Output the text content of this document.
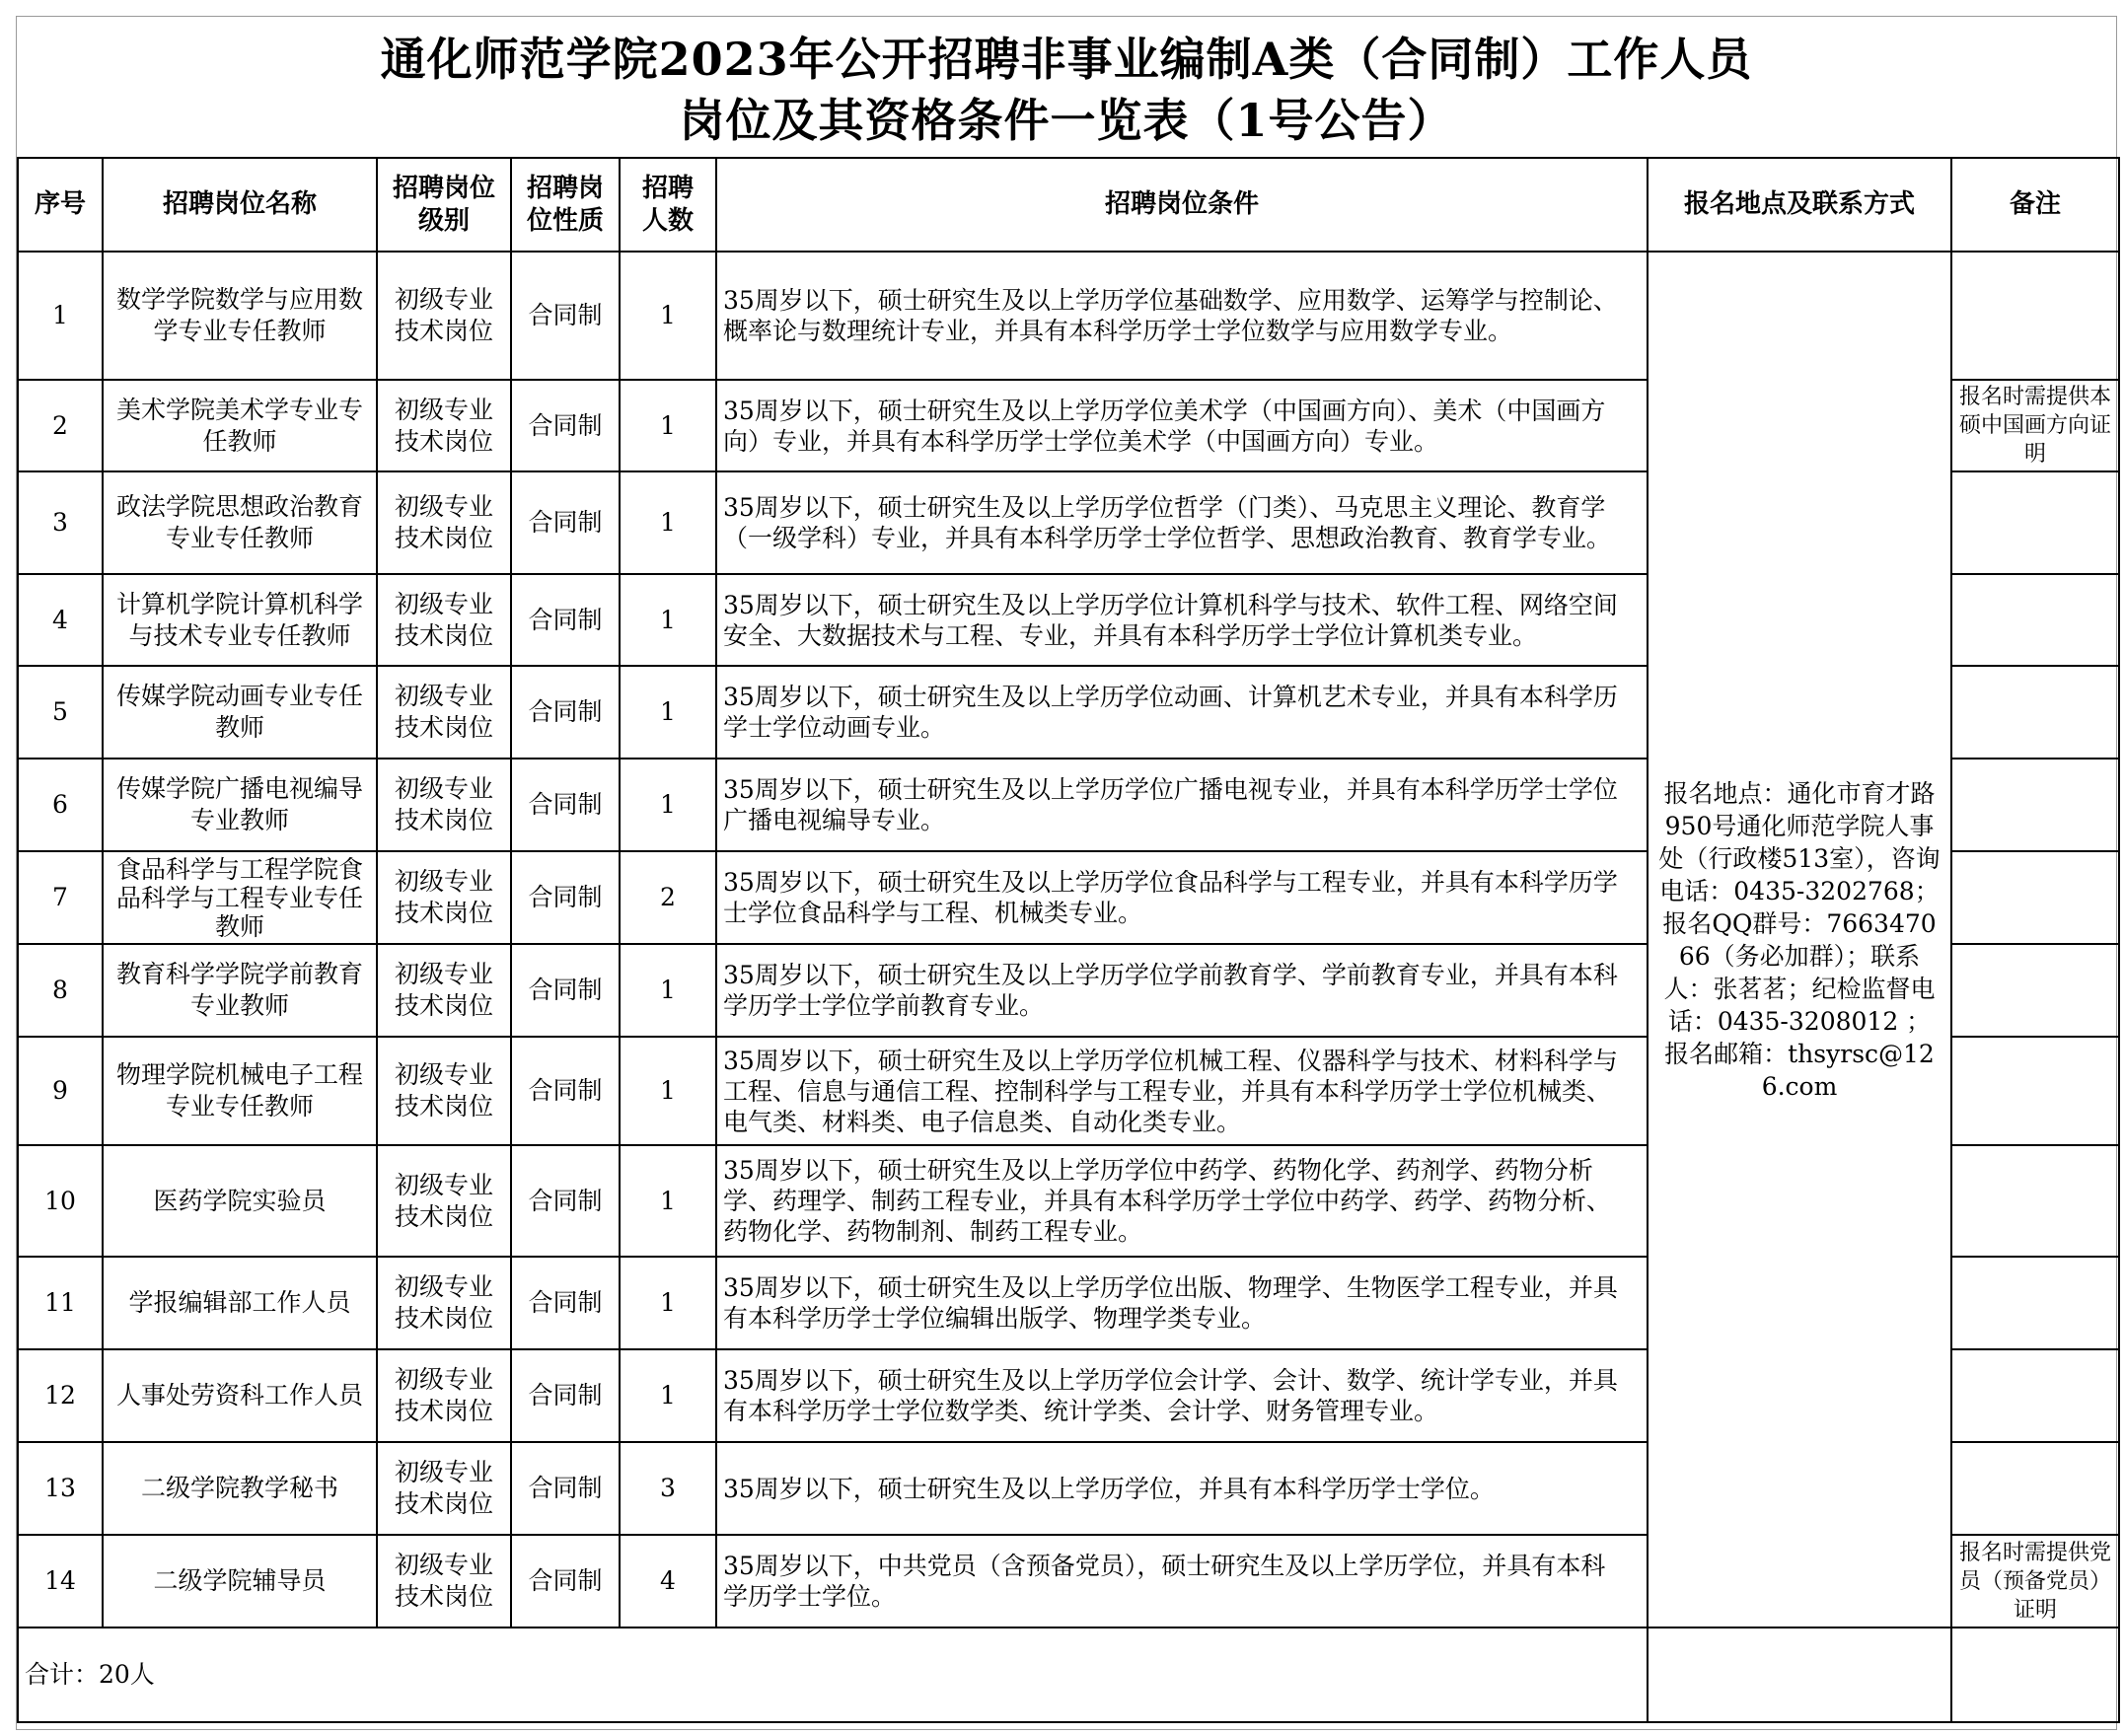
通化师范学院2023年公开招聘非事业编制A类（合同制）工作人员
岗位及其资格条件一览表（1号公告）
序号	招聘岗位名称	招聘岗位级别	招聘岗位性质	招聘人数	招聘岗位条件	报名地点及联系方式	备注
1	数学学院数学与应用数学专业专任教师	初级专业技术岗位	合同制	1	35周岁以下，硕士研究生及以上学历学位基础数学、应用数学、运筹学与控制论、概率论与数理统计专业，并具有本科学历学士学位数学与应用数学专业。	报名地点：通化市育才路950号通化师范学院人事处（行政楼513室），咨询电话：0435-3202768；报名QQ群号：766347066（务必加群）；联系人：张茗茗；纪检监督电话：0435-3208012 ；报名邮箱：thsyrsc@126.com	
2	美术学院美术学专业专任教师	初级专业技术岗位	合同制	1	35周岁以下，硕士研究生及以上学历学位美术学（中国画方向）、美术（中国画方向）专业，并具有本科学历学士学位美术学（中国画方向）专业。		报名时需提供本硕中国画方向证明
3	政法学院思想政治教育专业专任教师	初级专业技术岗位	合同制	1	35周岁以下，硕士研究生及以上学历学位哲学（门类）、马克思主义理论、教育学（一级学科）专业，并具有本科学历学士学位哲学、思想政治教育、教育学专业。		
4	计算机学院计算机科学与技术专业专任教师	初级专业技术岗位	合同制	1	35周岁以下，硕士研究生及以上学历学位计算机科学与技术、软件工程、网络空间安全、大数据技术与工程、专业，并具有本科学历学士学位计算机类专业。		
5	传媒学院动画专业专任教师	初级专业技术岗位	合同制	1	35周岁以下，硕士研究生及以上学历学位动画、计算机艺术专业，并具有本科学历学士学位动画专业。		
6	传媒学院广播电视编导专业教师	初级专业技术岗位	合同制	1	35周岁以下，硕士研究生及以上学历学位广播电视专业，并具有本科学历学士学位广播电视编导专业。		
7	食品科学与工程学院食品科学与工程专业专任教师	初级专业技术岗位	合同制	2	35周岁以下，硕士研究生及以上学历学位食品科学与工程专业，并具有本科学历学士学位食品科学与工程、机械类专业。		
8	教育科学学院学前教育专业教师	初级专业技术岗位	合同制	1	35周岁以下，硕士研究生及以上学历学位学前教育学、学前教育专业，并具有本科学历学士学位学前教育专业。		
9	物理学院机械电子工程专业专任教师	初级专业技术岗位	合同制	1	35周岁以下，硕士研究生及以上学历学位机械工程、仪器科学与技术、材料科学与工程、信息与通信工程、控制科学与工程专业，并具有本科学历学士学位机械类、电气类、材料类、电子信息类、自动化类专业。		
10	医药学院实验员	初级专业技术岗位	合同制	1	35周岁以下，硕士研究生及以上学历学位中药学、药物化学、药剂学、药物分析学、药理学、制药工程专业，并具有本科学历学士学位中药学、药学、药物分析、药物化学、药物制剂、制药工程专业。		
11	学报编辑部工作人员	初级专业技术岗位	合同制	1	35周岁以下，硕士研究生及以上学历学位出版、物理学、生物医学工程专业，并具有本科学历学士学位编辑出版学、物理学类专业。		
12	人事处劳资科工作人员	初级专业技术岗位	合同制	1	35周岁以下，硕士研究生及以上学历学位会计学、会计、数学、统计学专业，并具有本科学历学士学位数学类、统计学类、会计学、财务管理专业。		
13	二级学院教学秘书	初级专业技术岗位	合同制	3	35周岁以下，硕士研究生及以上学历学位，并具有本科学历学士学位。		
14	二级学院辅导员	初级专业技术岗位	合同制	4	35周岁以下，中共党员（含预备党员），硕士研究生及以上学历学位，并具有本科学历学士学位。		报名时需提供党员（预备党员）证明
合计：20人							
